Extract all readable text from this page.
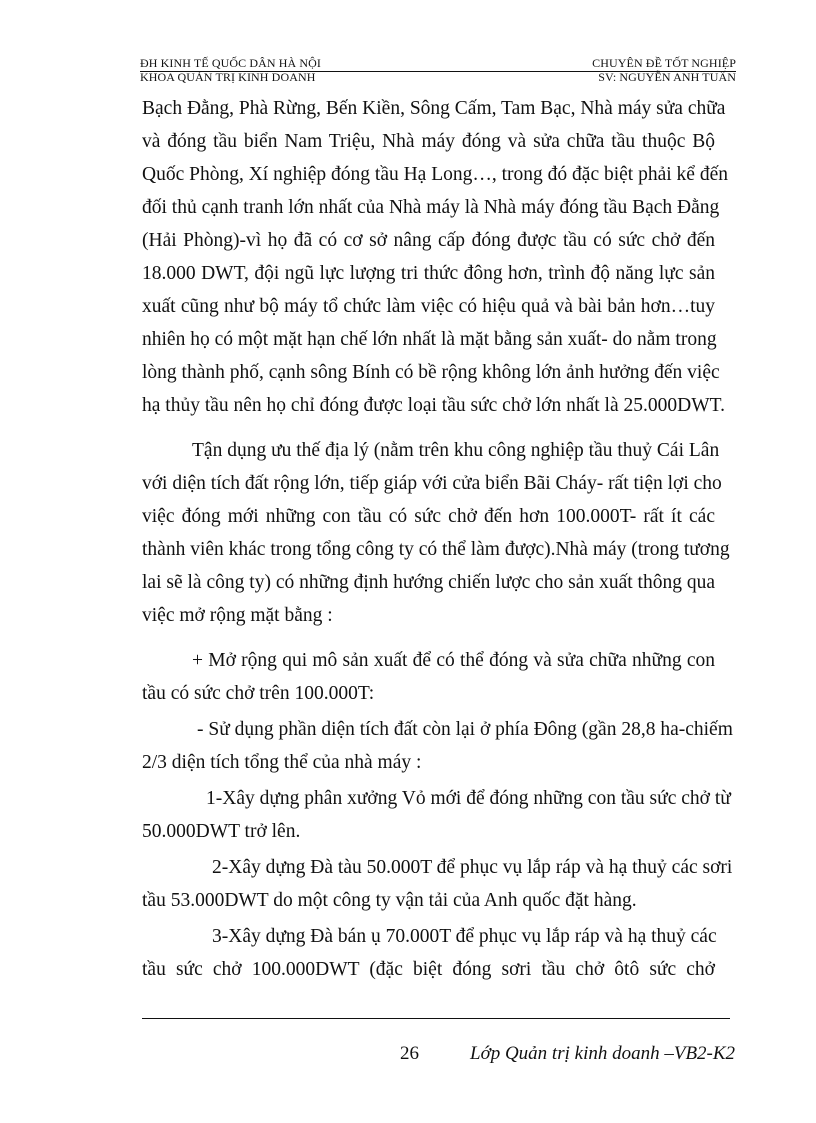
ĐH KINH TẾ QUỐC DÂN HÀ NỘI	CHUYÊN ĐỀ TỐT NGHIỆP
KHOA QUẢN TRỊ KINH DOANH	SV: NGUYỄN ANH TUẤN
Bạch Đằng, Phà Rừng, Bến Kiền, Sông Cấm, Tam Bạc, Nhà máy sửa chữa
và đóng tầu biển Nam Triệu, Nhà máy đóng và sửa chữa tầu thuộc Bộ
Quốc Phòng, Xí nghiệp đóng tầu Hạ Long…, trong đó đặc biệt phải kể đến
đối thủ cạnh tranh lớn nhất của Nhà máy là Nhà máy đóng tầu Bạch Đằng
(Hải Phòng)-vì họ đã có cơ sở nâng cấp đóng được tầu có sức chở đến
18.000 DWT, đội ngũ lực lượng tri thức đông hơn, trình độ năng lực sản
xuất cũng như bộ máy tổ chức làm việc có hiệu quả và bài bản hơn…tuy
nhiên họ có một mặt hạn chế lớn nhất là mặt bằng sản xuất- do nằm trong
lòng thành phố, cạnh sông Bính có bề rộng không lớn ảnh hưởng đến việc
hạ thủy tầu nên họ chỉ đóng được loại tầu sức chở lớn nhất là 25.000DWT.
Tận dụng ưu thế địa lý (nằm trên khu công nghiệp tầu thuỷ Cái Lân
với diện tích đất rộng lớn, tiếp giáp với cửa biển Bãi Cháy- rất tiện lợi cho
việc đóng mới những con tầu có sức chở đến hơn 100.000T- rất ít các
thành viên khác trong tổng công ty có thể làm được).Nhà máy (trong tương
lai sẽ là công ty) có những định hướng chiến lược cho sản xuất thông qua
việc mở rộng mặt bằng :
+ Mở rộng qui mô sản xuất để có thể đóng và sửa chữa những con
tầu có sức chở trên 100.000T:
- Sử dụng phần diện tích đất còn lại ở phía Đông (gần 28,8 ha-chiếm
2/3 diện tích tổng thể của nhà máy :
1-Xây dựng phân xưởng Vỏ mới để đóng những con tầu sức chở từ
50.000DWT trở lên.
2-Xây dựng Đà tàu 50.000T để phục vụ lắp ráp và hạ thuỷ các sơri
tầu 53.000DWT do một công ty vận tải của Anh quốc đặt hàng.
3-Xây dựng Đà bán ụ 70.000T để phục vụ lắp ráp và hạ thuỷ các
tầu sức chở 100.000DWT (đặc biệt đóng sơri tầu chở ôtô sức chở
26	Lớp Quản trị kinh doanh –VB2-K2
